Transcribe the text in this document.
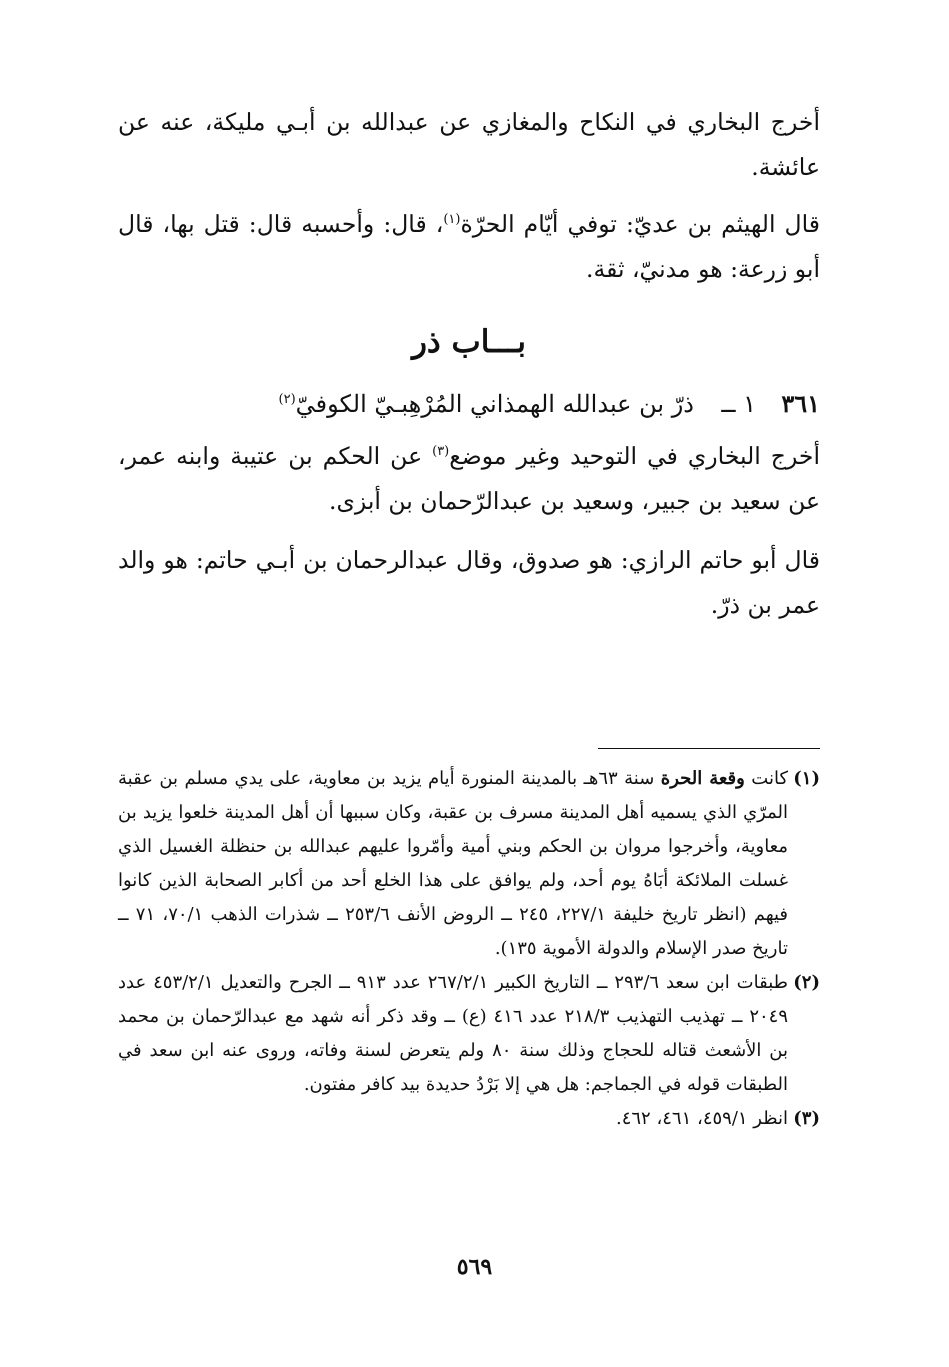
أخرج البخاري في النكاح والمغازي عن عبدالله بن أبـي مليكة، عنه عن عائشة.

قال الهيثم بن عديّ: توفي أيّام الحرّة$^{(١)}$، قال: وأحسبه قال: قتل بها، قال أبو زرعة: هو مدنيّ، ثقة.

بـــاب ذر
٣٦١
١ ــ
ذرّ بن عبدالله الهمذاني المُرْهِبـيّ الكوفيّ$^{(٢)}$

أخرج البخاري في التوحيد وغير موضع$^{(٣)}$ عن الحكم بن عتيبة وابنه عمر، عن سعيد بن جبير، وسعيد بن عبدالرّحمان بن أبزى.

قال أبو حاتم الرازي: هو صدوق، وقال عبدالرحمان بن أبـي حاتم: هو والد عمر بن ذرّ.

(١)
كانت وقعة الحرة سنة ٦٣هـ بالمدينة المنورة أيام يزيد بن معاوية، على يدي مسلم بن عقبة المرّي الذي يسميه أهل المدينة مسرف بن عقبة، وكان سببها أن أهل المدينة خلعوا يزيد بن معاوية، وأخرجوا مروان بن الحكم وبني أمية وأمّروا عليهم عبدالله بن حنظلة الغسيل الذي غسلت الملائكة أبَاهُ يوم أحد، ولم يوافق على هذا الخلع أحد من أكابر الصحابة الذين كانوا فيهم (انظر تاريخ خليفة ٢٢٧/١، ٢٤٥ ــ الروض الأنف ٢٥٣/٦ ــ شذرات الذهب ٧٠/١، ٧١ ــ تاريخ صدر الإسلام والدولة الأموية ١٣٥).
(٢)
طبقات ابن سعد ٢٩٣/٦ ــ التاريخ الكبير ٢٦٧/٢/١ عدد ٩١٣ ــ الجرح والتعديل ٤٥٣/٢/١ عدد ٢٠٤٩ ــ تهذيب التهذيب ٢١٨/٣ عدد ٤١٦ (ع) ــ وقد ذكر أنه شهد مع عبدالرّحمان بن محمد بن الأشعث قتاله للحجاج وذلك سنة ٨٠ ولم يتعرض لسنة وفاته، وروى عنه ابن سعد في الطبقات قوله في الجماجم: هل هي إلا بَرْدُ حديدة بيد كافر مفتون.
(٣)
انظر ٤٥٩/١، ٤٦١، ٤٦٢.
٥٦٩
